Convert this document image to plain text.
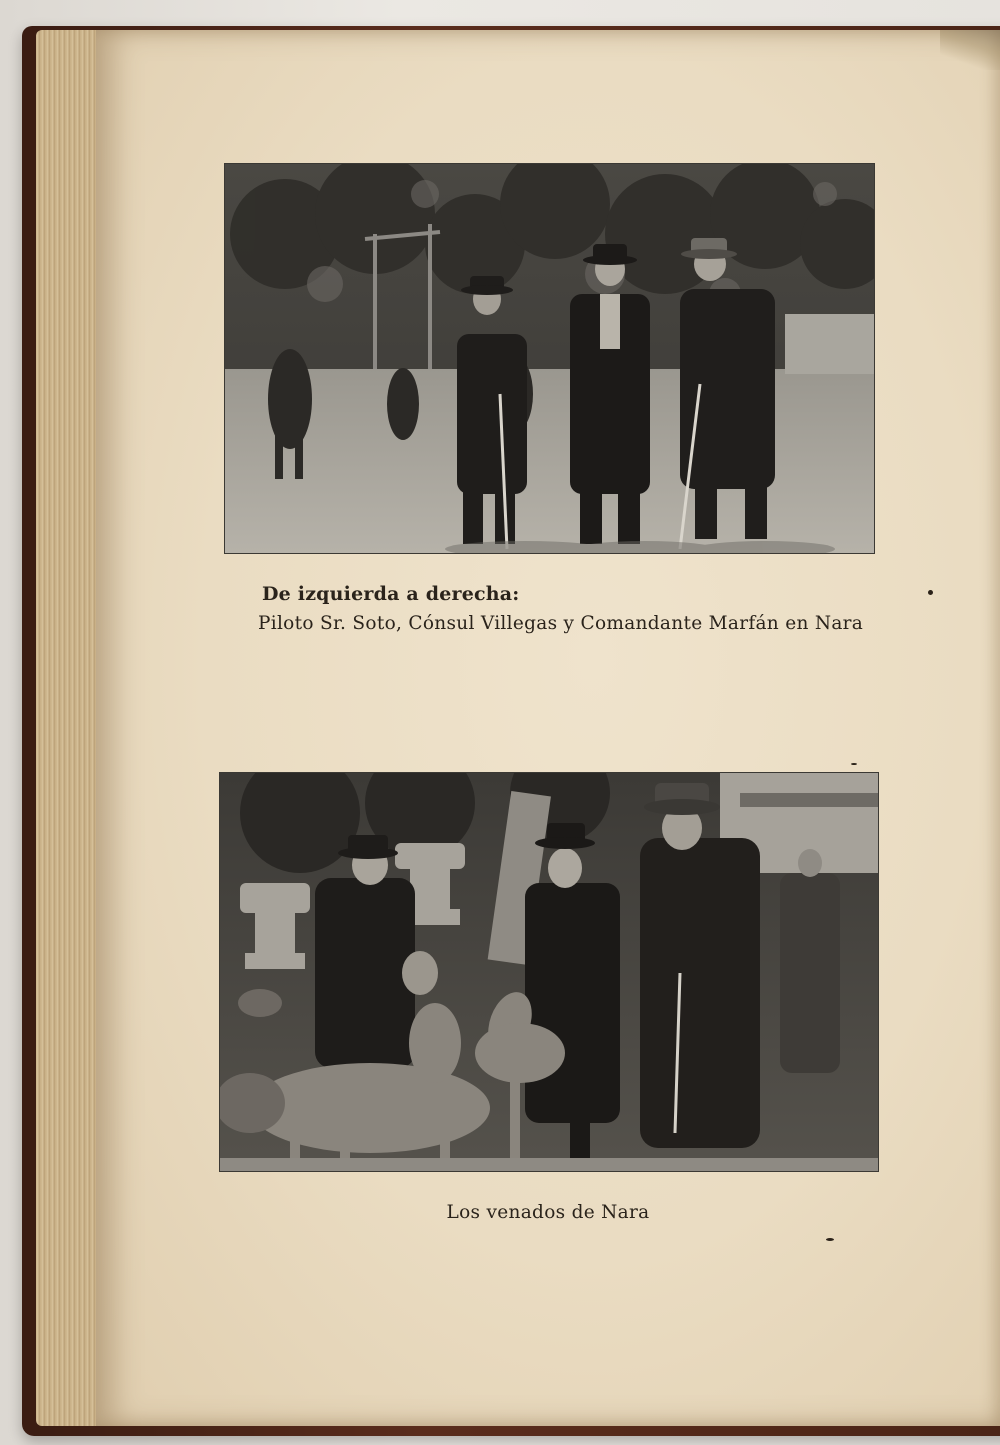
De izquierda a derecha:
Piloto Sr. Soto, Cónsul Villegas y Comandante Marfán en Nara
Los venados de Nara
